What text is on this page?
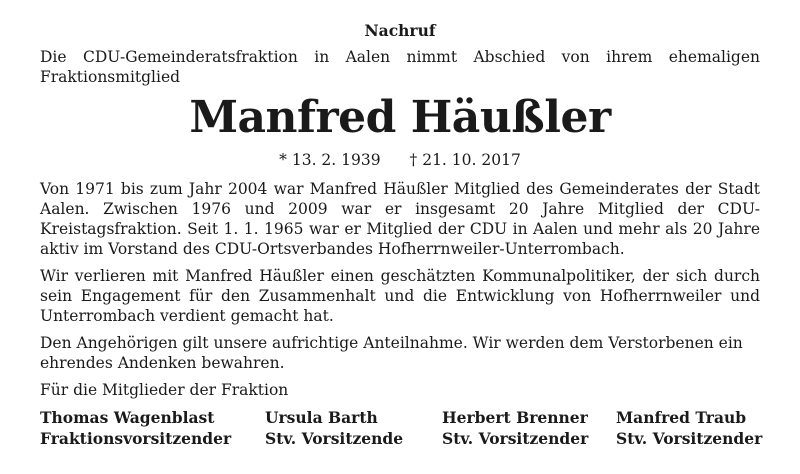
Nachruf
Die CDU-Gemeinderatsfraktion in Aalen nimmt Abschied von ihrem ehemaligen Fraktionsmitglied
Manfred Häußler
* 13. 2. 1939 † 21. 10. 2017
Von 1971 bis zum Jahr 2004 war Manfred Häußler Mitglied des Gemeinderates der Stadt Aalen. Zwischen 1976 und 2009 war er insgesamt 20 Jahre Mitglied der CDU-Kreistagsfraktion. Seit 1. 1. 1965 war er Mitglied der CDU in Aalen und mehr als 20 Jahre aktiv im Vorstand des CDU-Ortsverbandes Hofherrnweiler-Unterrombach.
Wir verlieren mit Manfred Häußler einen geschätzten Kommunalpolitiker, der sich durch sein Engagement für den Zusammenhalt und die Entwicklung von Hofherrnweiler und Unterrombach verdient gemacht hat.
Den Angehörigen gilt unsere aufrichtige Anteilnahme. Wir werden dem Verstorbenen ein ehrendes Andenken bewahren.
Für die Mitglieder der Fraktion
Thomas Wagenblast
Fraktionsvorsitzender
Ursula Barth
Stv. Vorsitzende
Herbert Brenner
Stv. Vorsitzender
Manfred Traub
Stv. Vorsitzender
